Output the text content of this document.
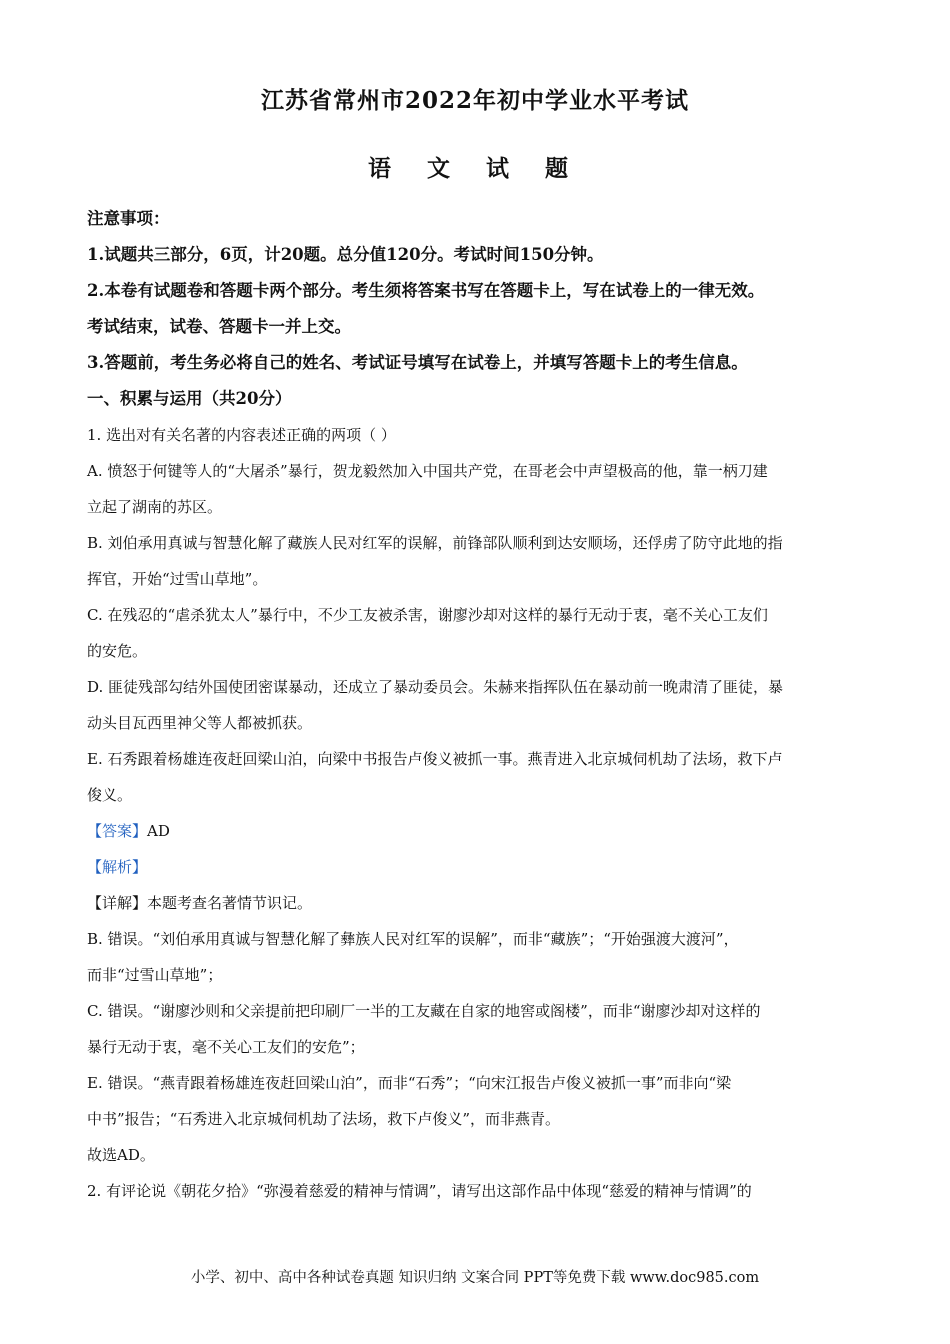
江苏省常州市2022年初中学业水平考试
语 文 试 题
注意事项：
1.试题共三部分，6页，计20题。总分值120分。考试时间150分钟。
2.本卷有试题卷和答题卡两个部分。考生须将答案书写在答题卡上，写在试卷上的一律无效。
考试结束，试卷、答题卡一并上交。
3.答题前，考生务必将自己的姓名、考试证号填写在试卷上，并填写答题卡上的考生信息。
一、积累与运用（共20分）
1. 选出对有关名著的内容表述正确的两项（ ）
A. 愤怒于何键等人的“大屠杀”暴行，贺龙毅然加入中国共产党，在哥老会中声望极高的他，靠一柄刀建
立起了湖南的苏区。
B. 刘伯承用真诚与智慧化解了藏族人民对红军的误解，前锋部队顺利到达安顺场，还俘虏了防守此地的指
挥官，开始“过雪山草地”。
C. 在残忍的“虐杀犹太人”暴行中，不少工友被杀害，谢廖沙却对这样的暴行无动于衷，毫不关心工友们
的安危。
D. 匪徒残部勾结外国使团密谋暴动，还成立了暴动委员会。朱赫来指挥队伍在暴动前一晚肃清了匪徒，暴
动头目瓦西里神父等人都被抓获。
E. 石秀跟着杨雄连夜赶回梁山泊，向梁中书报告卢俊义被抓一事。燕青进入北京城伺机劫了法场，救下卢
俊义。
【答案】AD
【解析】
【详解】本题考查名著情节识记。
B. 错误。“刘伯承用真诚与智慧化解了彝族人民对红军的误解”，而非“藏族”；“开始强渡大渡河”，
而非“过雪山草地”；
C. 错误。“谢廖沙则和父亲提前把印刷厂一半的工友藏在自家的地窖或阁楼”，而非“谢廖沙却对这样的
暴行无动于衷，毫不关心工友们的安危”；
E. 错误。“燕青跟着杨雄连夜赶回梁山泊”，而非“石秀”；“向宋江报告卢俊义被抓一事”而非向“梁
中书”报告；“石秀进入北京城伺机劫了法场，救下卢俊义”，而非燕青。
故选AD。
2. 有评论说《朝花夕拾》“弥漫着慈爱的精神与情调”，请写出这部作品中体现“慈爱的精神与情调”的
小学、初中、高中各种试卷真题 知识归纳 文案合同 PPT等免费下载 www.doc985.com
